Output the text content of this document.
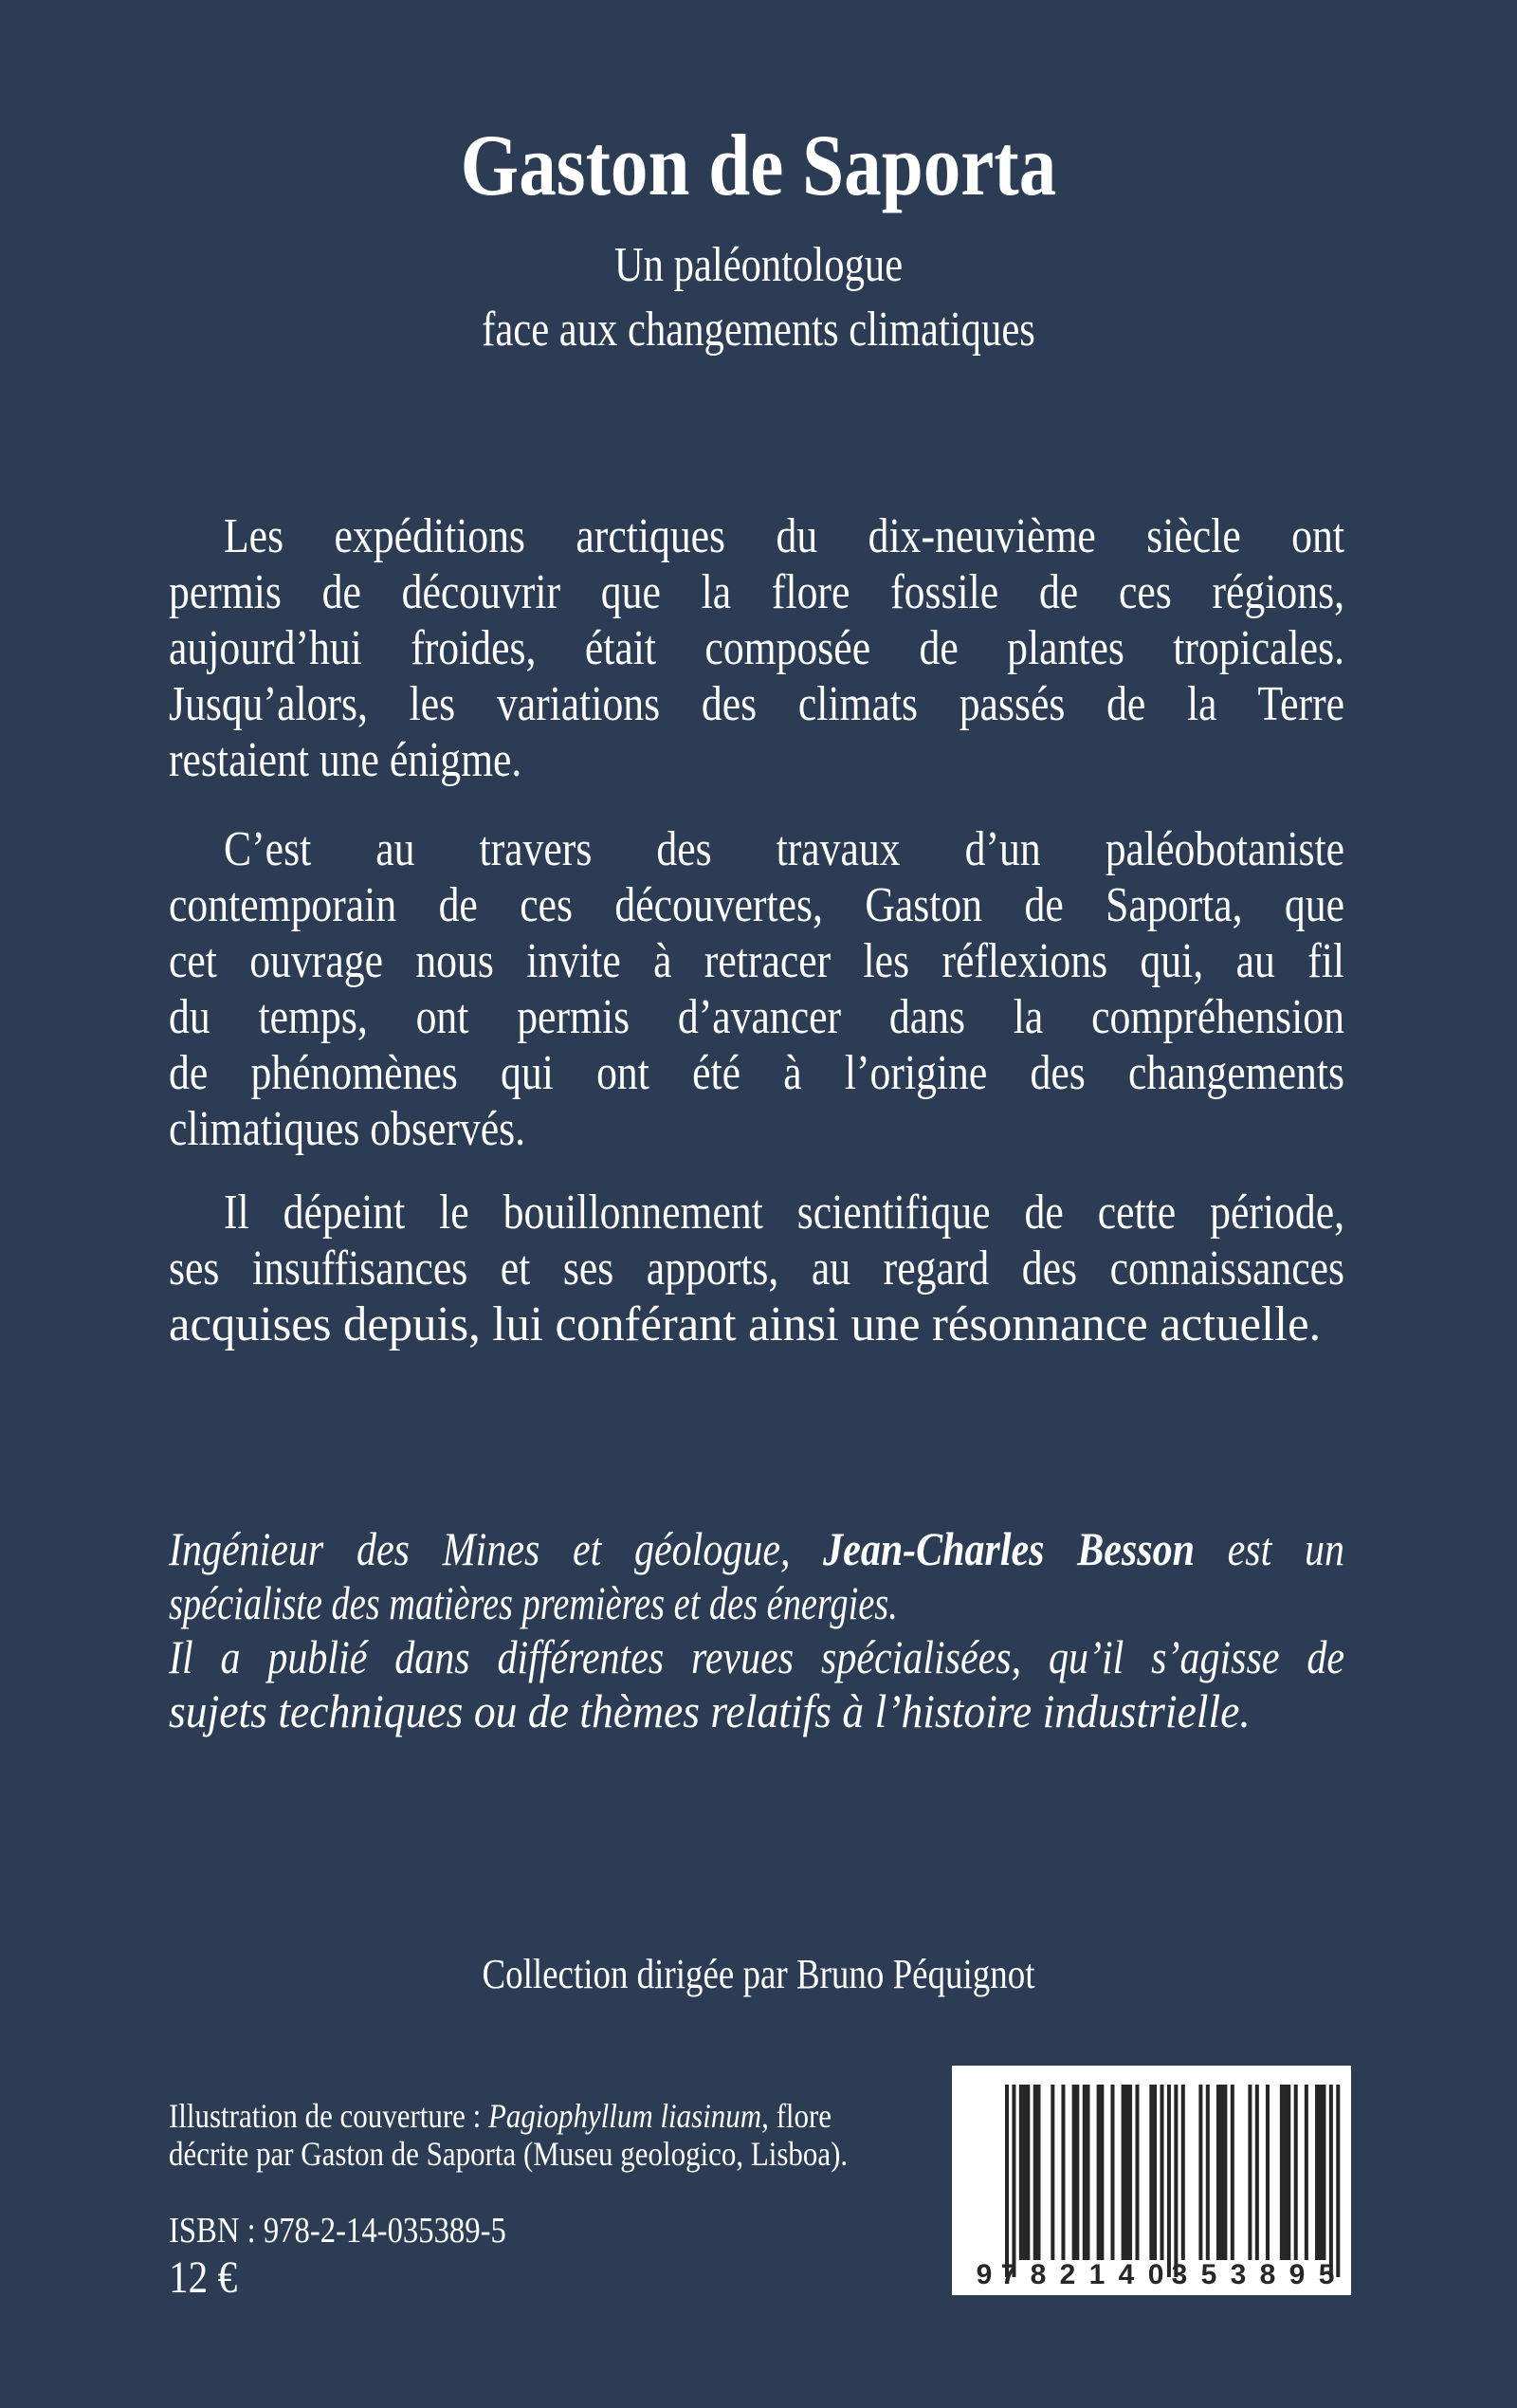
Gaston de Saporta
Un paléontologue
face aux changements climatiques
Les expéditions arctiques du dix-neuvième siècle ont
permis de découvrir que la flore fossile de ces régions,
aujourd’hui froides, était composée de plantes tropicales.
Jusqu’alors, les variations des climats passés de la Terre
restaient une énigme.
C’est au travers des travaux d’un paléobotaniste
contemporain de ces découvertes, Gaston de Saporta, que
cet ouvrage nous invite à retracer les réflexions qui, au fil
du temps, ont permis d’avancer dans la compréhension
de phénomènes qui ont été à l’origine des changements
climatiques observés.
Il dépeint le bouillonnement scientifique de cette période,
ses insuffisances et ses apports, au regard des connaissances
acquises depuis, lui conférant ainsi une résonnance actuelle.
Ingénieur des Mines et géologue, Jean-Charles Besson est un
spécialiste des matières premières et des énergies.
Il a publié dans différentes revues spécialisées, qu’il s’agisse de
sujets techniques ou de thèmes relatifs à l’histoire industrielle.
Collection dirigée par Bruno Péquignot
Illustration de couverture : Pagiophyllum liasinum, flore
décrite par Gaston de Saporta (Museu geologico, Lisboa).
ISBN : 978-2-14-035389-5
12 €	9 7 8 2 1 4 0 3 5 3 8 9 5
